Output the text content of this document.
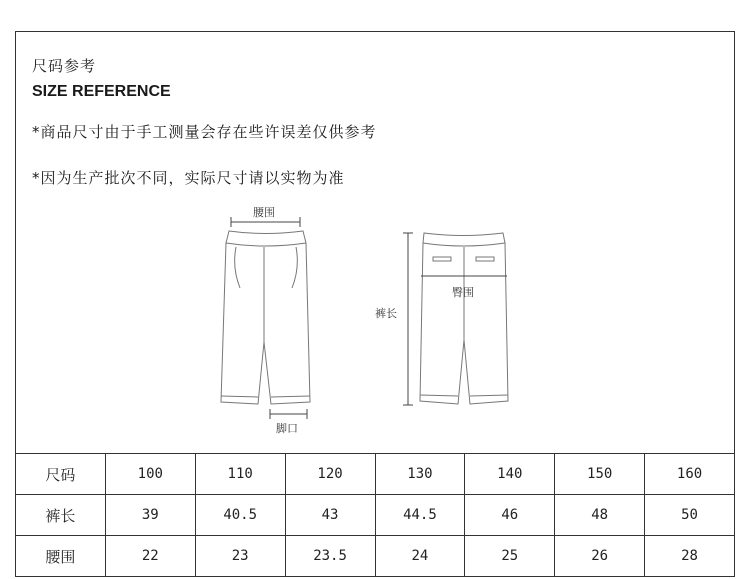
尺码参考
SIZE REFERENCE
*商品尺寸由于手工测量会存在些许误差仅供参考
*因为生产批次不同，实际尺寸请以实物为准
腰围
脚口
裤长
臀围
尺码	100	110	120	130	140	150	160
裤长	39	40.5	43	44.5	46	48	50
腰围	22	23	23.5	24	25	26	28
